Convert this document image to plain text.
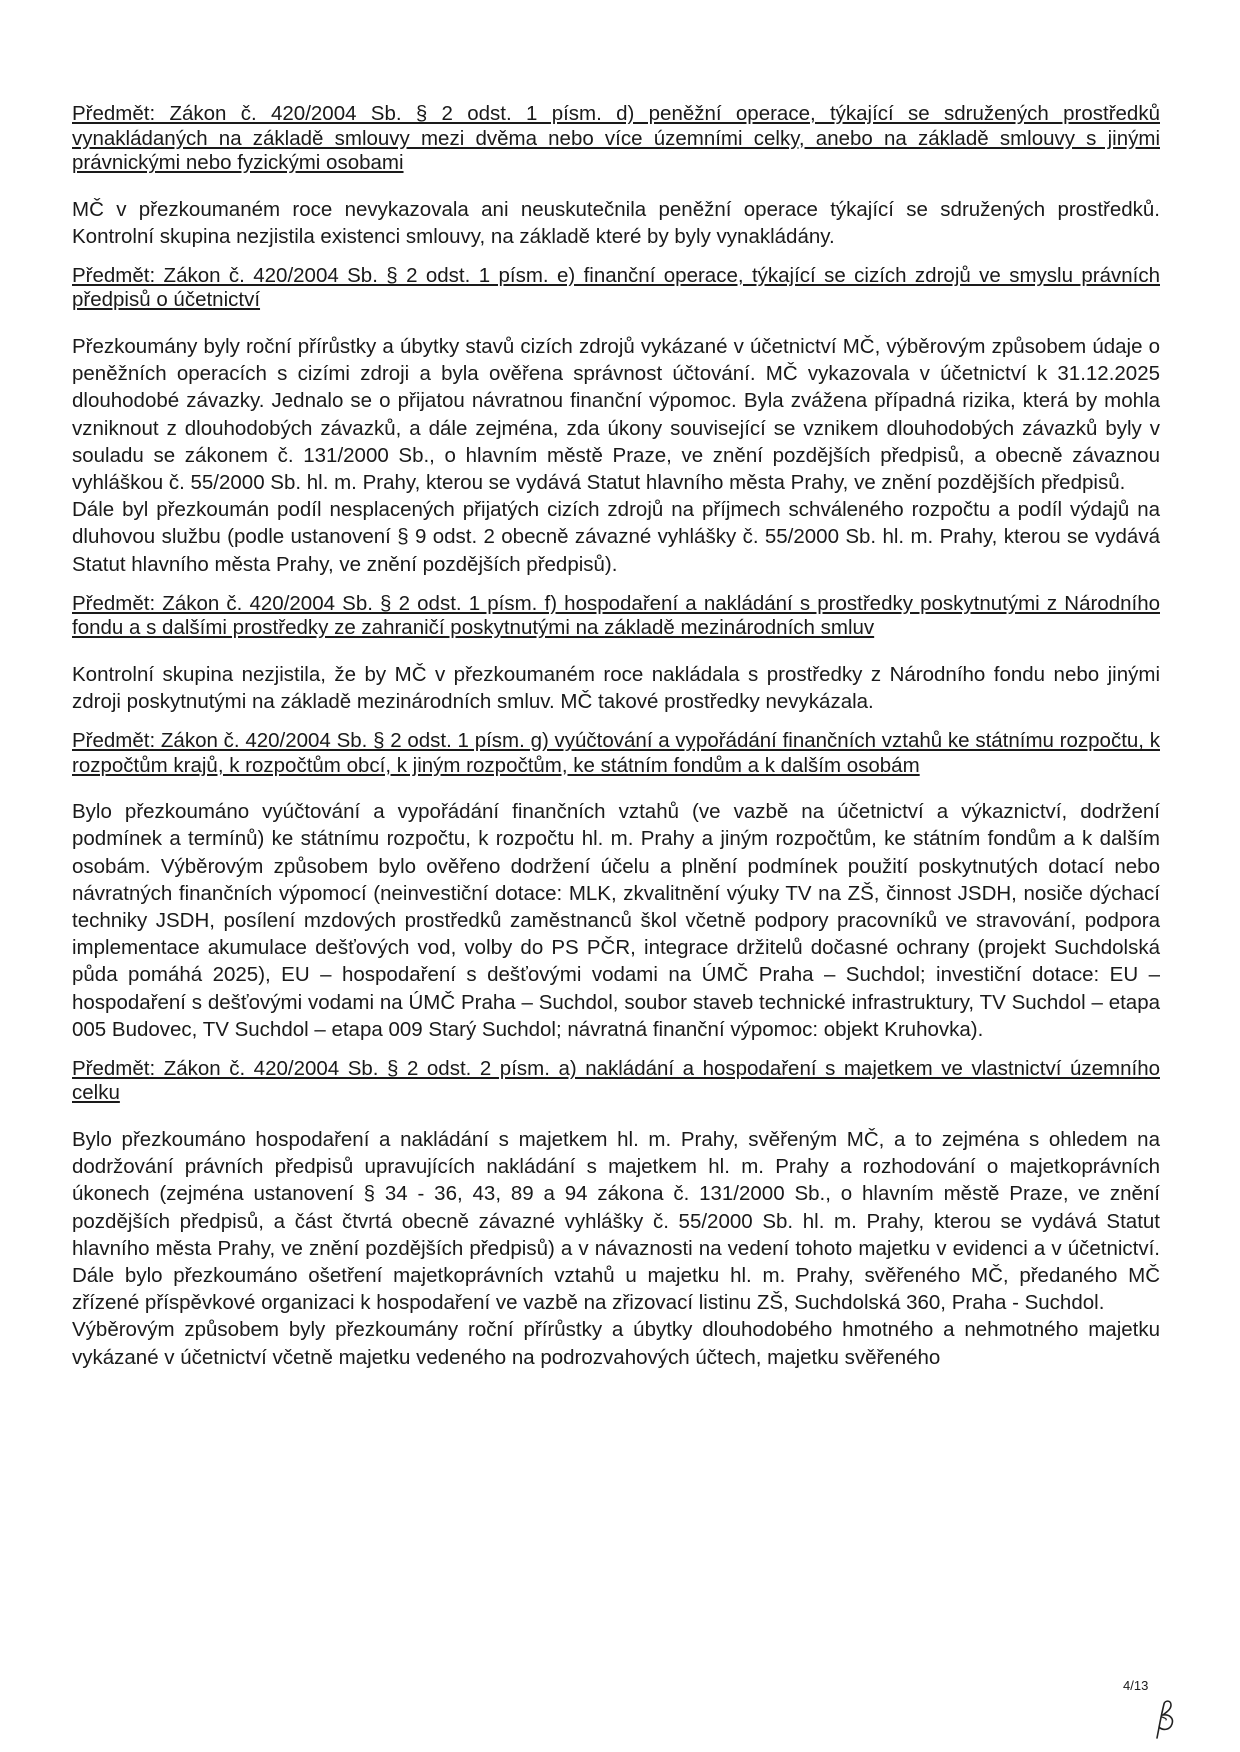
Předmět: Zákon č. 420/2004 Sb. § 2 odst. 1 písm. d) peněžní operace, týkající se sdružených prostředků vynakládaných na základě smlouvy mezi dvěma nebo více územními celky, anebo na základě smlouvy s jinými právnickými nebo fyzickými osobami

MČ v přezkoumaném roce nevykazovala ani neuskutečnila peněžní operace týkající se sdružených prostředků. Kontrolní skupina nezjistila existenci smlouvy, na základě které by byly vynakládány.

Předmět: Zákon č. 420/2004 Sb. § 2 odst. 1 písm. e) finanční operace, týkající se cizích zdrojů ve smyslu právních předpisů o účetnictví

Přezkoumány byly roční přírůstky a úbytky stavů cizích zdrojů vykázané v účetnictví MČ, výběrovým způsobem údaje o peněžních operacích s cizími zdroji a byla ověřena správnost účtování. MČ vykazovala v účetnictví k 31.12.2025 dlouhodobé závazky. Jednalo se o přijatou návratnou finanční výpomoc. Byla zvážena případná rizika, která by mohla vzniknout z dlouhodobých závazků, a dále zejména, zda úkony související se vznikem dlouhodobých závazků byly v souladu se zákonem č. 131/2000 Sb., o hlavním městě Praze, ve znění pozdějších předpisů, a obecně závaznou vyhláškou č. 55/2000 Sb. hl. m. Prahy, kterou se vydává Statut hlavního města Prahy, ve znění pozdějších předpisů.

Dále byl přezkoumán podíl nesplacených přijatých cizích zdrojů na příjmech schváleného rozpočtu a podíl výdajů na dluhovou službu (podle ustanovení § 9 odst. 2 obecně závazné vyhlášky č. 55/2000 Sb. hl. m. Prahy, kterou se vydává Statut hlavního města Prahy, ve znění pozdějších předpisů).

Předmět: Zákon č. 420/2004 Sb. § 2 odst. 1 písm. f) hospodaření a nakládání s prostředky poskytnutými z Národního fondu a s dalšími prostředky ze zahraničí poskytnutými na základě mezinárodních smluv

Kontrolní skupina nezjistila, že by MČ v přezkoumaném roce nakládala s prostředky z Národního fondu nebo jinými zdroji poskytnutými na základě mezinárodních smluv. MČ takové prostředky nevykázala.

Předmět: Zákon č. 420/2004 Sb. § 2 odst. 1 písm. g) vyúčtování a vypořádání finančních vztahů ke státnímu rozpočtu, k rozpočtům krajů, k rozpočtům obcí, k jiným rozpočtům, ke státním fondům a k dalším osobám

Bylo přezkoumáno vyúčtování a vypořádání finančních vztahů (ve vazbě na účetnictví a výkaznictví, dodržení podmínek a termínů) ke státnímu rozpočtu, k rozpočtu hl. m. Prahy a jiným rozpočtům, ke státním fondům a k dalším osobám. Výběrovým způsobem bylo ověřeno dodržení účelu a plnění podmínek použití poskytnutých dotací nebo návratných finančních výpomocí (neinvestiční dotace: MLK, zkvalitnění výuky TV na ZŠ, činnost JSDH, nosiče dýchací techniky JSDH, posílení mzdových prostředků zaměstnanců škol včetně podpory pracovníků ve stravování, podpora implementace akumulace dešťových vod, volby do PS PČR, integrace držitelů dočasné ochrany (projekt Suchdolská půda pomáhá 2025), EU – hospodaření s dešťovými vodami na ÚMČ Praha – Suchdol; investiční dotace: EU – hospodaření s dešťovými vodami na ÚMČ Praha – Suchdol, soubor staveb technické infrastruktury, TV Suchdol – etapa 005 Budovec, TV Suchdol – etapa 009 Starý Suchdol; návratná finanční výpomoc: objekt Kruhovka).

Předmět: Zákon č. 420/2004 Sb. § 2 odst. 2 písm. a) nakládání a hospodaření s majetkem ve vlastnictví územního celku

Bylo přezkoumáno hospodaření a nakládání s majetkem hl. m. Prahy, svěřeným MČ, a to zejména s ohledem na dodržování právních předpisů upravujících nakládání s majetkem hl. m. Prahy a rozhodování o majetkoprávních úkonech (zejména ustanovení § 34 - 36, 43, 89 a 94 zákona č. 131/2000 Sb., o hlavním městě Praze, ve znění pozdějších předpisů, a část čtvrtá obecně závazné vyhlášky č. 55/2000 Sb. hl. m. Prahy, kterou se vydává Statut hlavního města Prahy, ve znění pozdějších předpisů) a v návaznosti na vedení tohoto majetku v evidenci a v účetnictví. Dále bylo přezkoumáno ošetření majetkoprávních vztahů u majetku hl. m. Prahy, svěřeného MČ, předaného MČ zřízené příspěvkové organizaci k hospodaření ve vazbě na zřizovací listinu ZŠ, Suchdolská 360, Praha - Suchdol.

Výběrovým způsobem byly přezkoumány roční přírůstky a úbytky dlouhodobého hmotného a nehmotného majetku vykázané v účetnictví včetně majetku vedeného na podrozvahových účtech, majetku svěřeného

4/13
